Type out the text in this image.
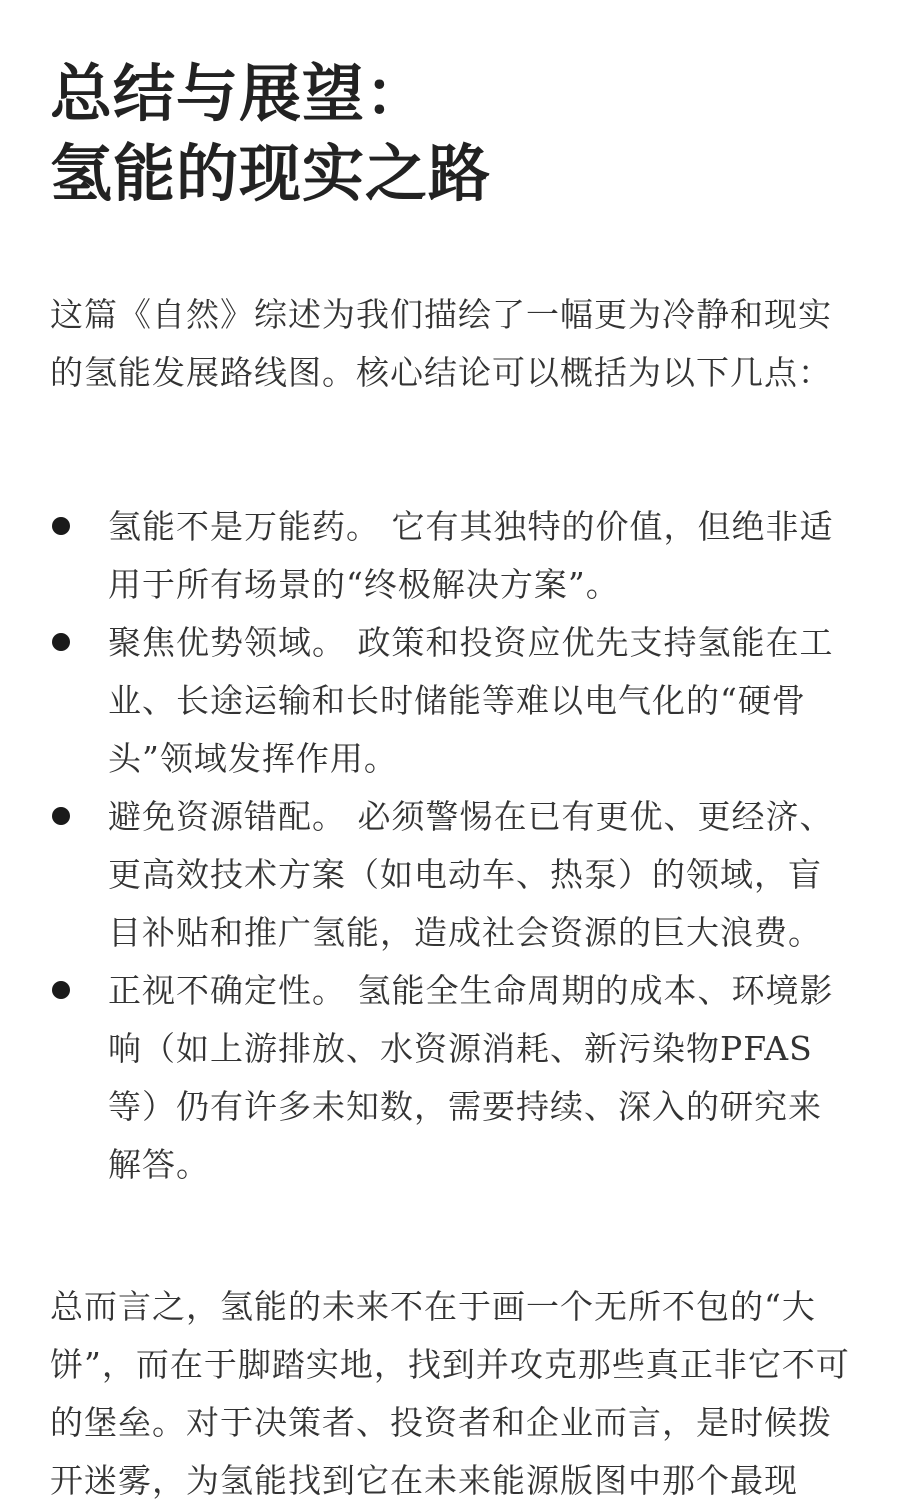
总结与展望：
氢能的现实之路

这篇《自然》综述为我们描绘了一幅更为冷静和现实的氢能发展路线图。核心结论可以概括为以下几点：

氢能不是万能药。 它有其独特的价值，但绝非适用于所有场景的“终极解决方案”。
聚焦优势领域。 政策和投资应优先支持氢能在工业、长途运输和长时储能等难以电气化的“硬骨头”领域发挥作用。
避免资源错配。 必须警惕在已有更优、更经济、更高效技术方案（如电动车、热泵）的领域，盲目补贴和推广氢能，造成社会资源的巨大浪费。
正视不确定性。 氢能全生命周期的成本、环境影响（如上游排放、水资源消耗、新污染物PFAS等）仍有许多未知数，需要持续、深入的研究来解答。

总而言之，氢能的未来不在于画一个无所不包的“大饼”，而在于脚踏实地，找到并攻克那些真正非它不可的堡垒。对于决策者、投资者和企业而言，是时候拨开迷雾，为氢能找到它在未来能源版图中那个最现
